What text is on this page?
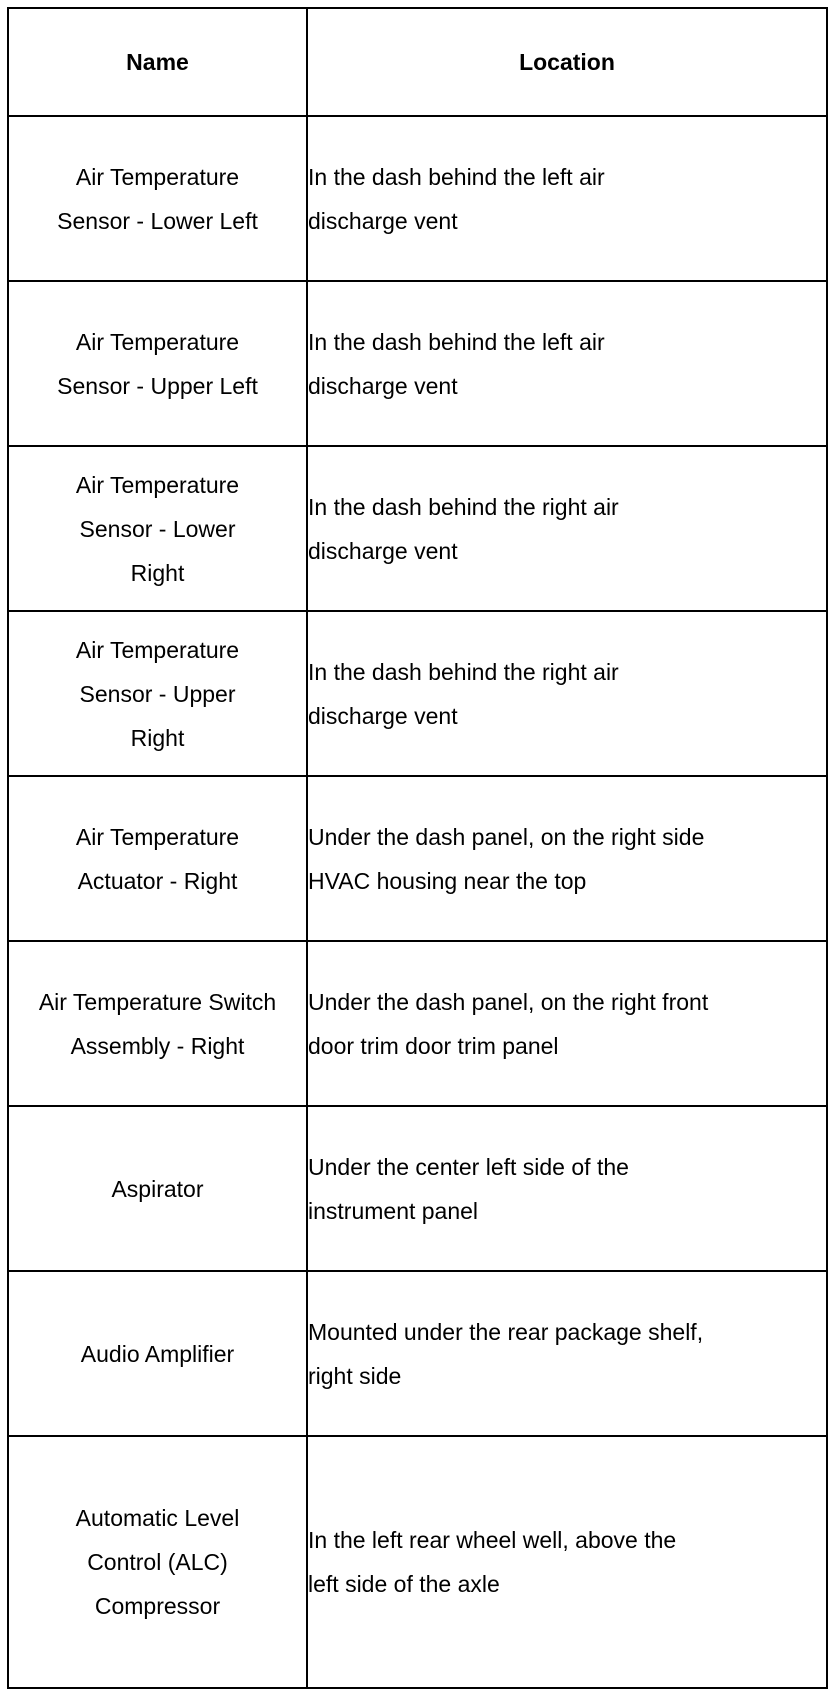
Name	Location

Air Temperature Sensor - Lower Left	In the dash behind the left air discharge vent

Air Temperature Sensor - Upper Left	In the dash behind the left air discharge vent

Air Temperature Sensor - Lower Right	In the dash behind the right air discharge vent

Air Temperature Sensor - Upper Right	In the dash behind the right air discharge vent

Air Temperature Actuator - Right	Under the dash panel, on the right side HVAC housing near the top

Air Temperature Switch Assembly - Right	Under the dash panel, on the right front door trim door trim panel

Aspirator	Under the center left side of the instrument panel

Audio Amplifier	Mounted under the rear package shelf, right side

Automatic Level Control (ALC) Compressor	In the left rear wheel well, above the left side of the axle
